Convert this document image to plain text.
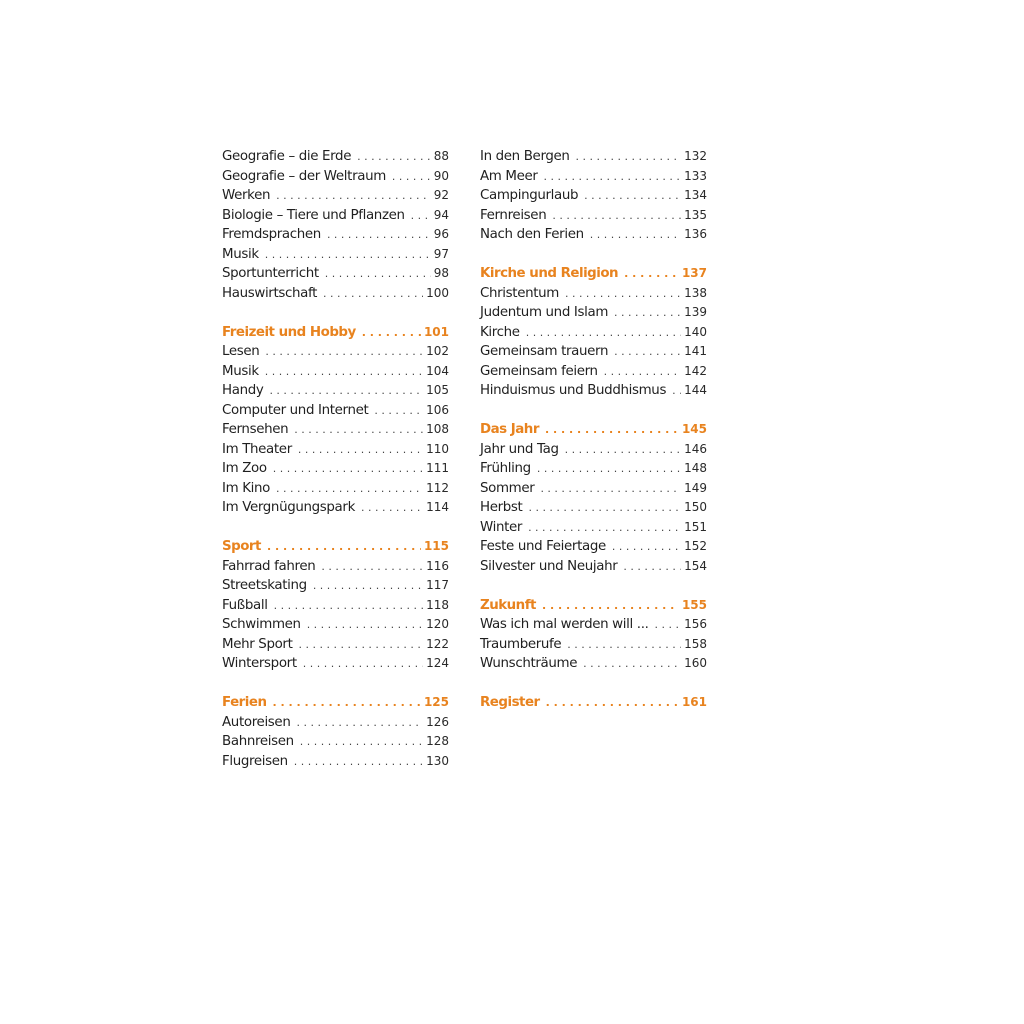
Geografie – die Erde . . .	88
Geografie – der Weltraum . . .	90
Werken . . .	92
Biologie – Tiere und Pflanzen . . . 94
Fremdsprachen . . .	96
Musik . . .	97
Sportunterricht . . .	98
Hauswirtschaft . . .	100
Freizeit und Hobby . . .	101
Lesen . . .	102
Musik . . .	104
Handy . . .	105
Computer und Internet . . .	106
Fernsehen . . .	108
Im Theater . . .	110
Im Zoo . . .	111
Im Kino . . .	112
Im Vergnügungspark . . .	114
Sport . . .	115
Fahrrad fahren . . .	116
Streetskating . . .	117
Fußball . . .	118
Schwimmen . . .	120
Mehr Sport . . .	122
Wintersport . . .	124
Ferien . . .	125
Autoreisen . . .	126
Bahnreisen . . .	128
Flugreisen . . .	130
In den Bergen . . .	132
Am Meer . . .	133
Campingurlaub . . .	134
Fernreisen . . .	135
Nach den Ferien . . .	136
Kirche und Religion . . .	137
Christentum . . .	138
Judentum und Islam . . .	139
Kirche . . .	140
Gemeinsam trauern . . .	141
Gemeinsam feiern . . .	142
Hinduismus und Buddhismus . . . 144
Das Jahr . . .	145
Jahr und Tag . . .	146
Frühling . . .	148
Sommer . . .	149
Herbst . . .	150
Winter . . .	151
Feste und Feiertage . . .	152
Silvester und Neujahr . . .	154
Zukunft . . .	155
Was ich mal werden will ... . . .	156
Traumberufe . . .	158
Wunschträume . . .	160
Register . . .	161
